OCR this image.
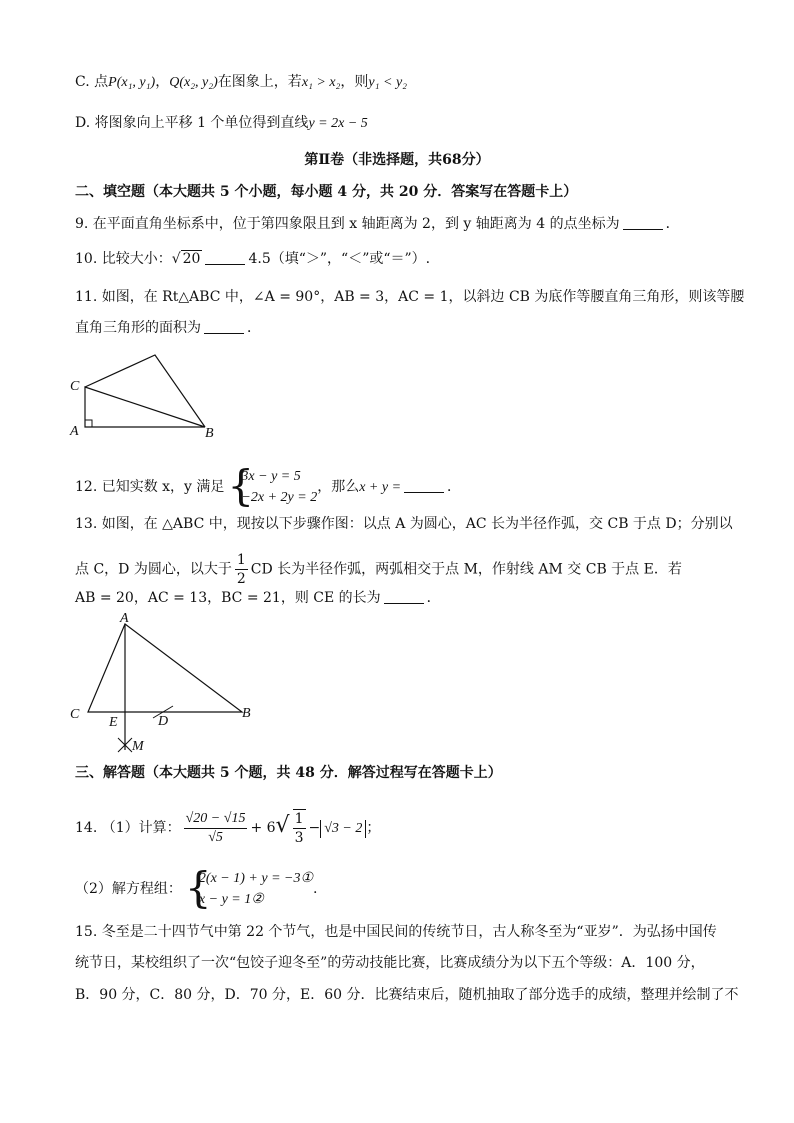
C. 点P(x₁, y₁)，Q(x₂, y₂)在图象上，若x₁ > x₂，则y₁ < y₂
D. 将图象向上平移 1 个单位得到直线y = 2x − 5
第Ⅱ卷（非选择题，共68分）
二、填空题（本大题共 5 个小题，每小题 4 分，共 20 分．答案写在答题卡上）
9. 在平面直角坐标系中，位于第四象限且到 x 轴距离为 2，到 y 轴距离为 4 的点坐标为	．
10. 比较大小：√ 20	4.5（填“＞”，“＜”或“＝”）.
11. 如图，在 Rt△ABC 中，∠A = 90°，AB = 3，AC = 1，以斜边 CB 为底作等腰直角三角形，则该等腰
直角三角形的面积为	．
C
A	B
12. 已知实数 x，y 满足 {
3x − y = 5
−2x + 2y = 2
，那么x + y =	．
13. 如图，在 △ABC 中，现按以下步骤作图：以点 A 为圆心，AC 长为半径作弧，交 CB 于点 D；分别以
点 C，D 为圆心，以大于 $\frac{1}{2}$ CD 长为半径作弧，两弧相交于点 M，作射线 AM 交 CB 于点 E．若
AB = 20，AC = 13，BC = 21，则 CE 的长为	．
A
C
E	D
B
M
三、解答题（本大题共 5 个题，共 48 分．解答过程写在答题卡上）
14. （1）计算： $\frac{√20 - √15}{√5} + 6√ \frac{1}{3} - √3 - 2$ ；
（2）解方程组： {
2(x − 1) + y = −3①
x − y = 1②
.
15. 冬至是二十四节气中第 22 个节气，也是中国民间的传统节日，古人称冬至为“亚岁”．为弘扬中国传
统节日，某校组织了一次“包饺子迎冬至”的劳动技能比赛，比赛成绩分为以下五个等级：A．100 分，
B．90 分，C．80 分，D．70 分，E．60 分．比赛结束后，随机抽取了部分选手的成绩，整理并绘制了不
